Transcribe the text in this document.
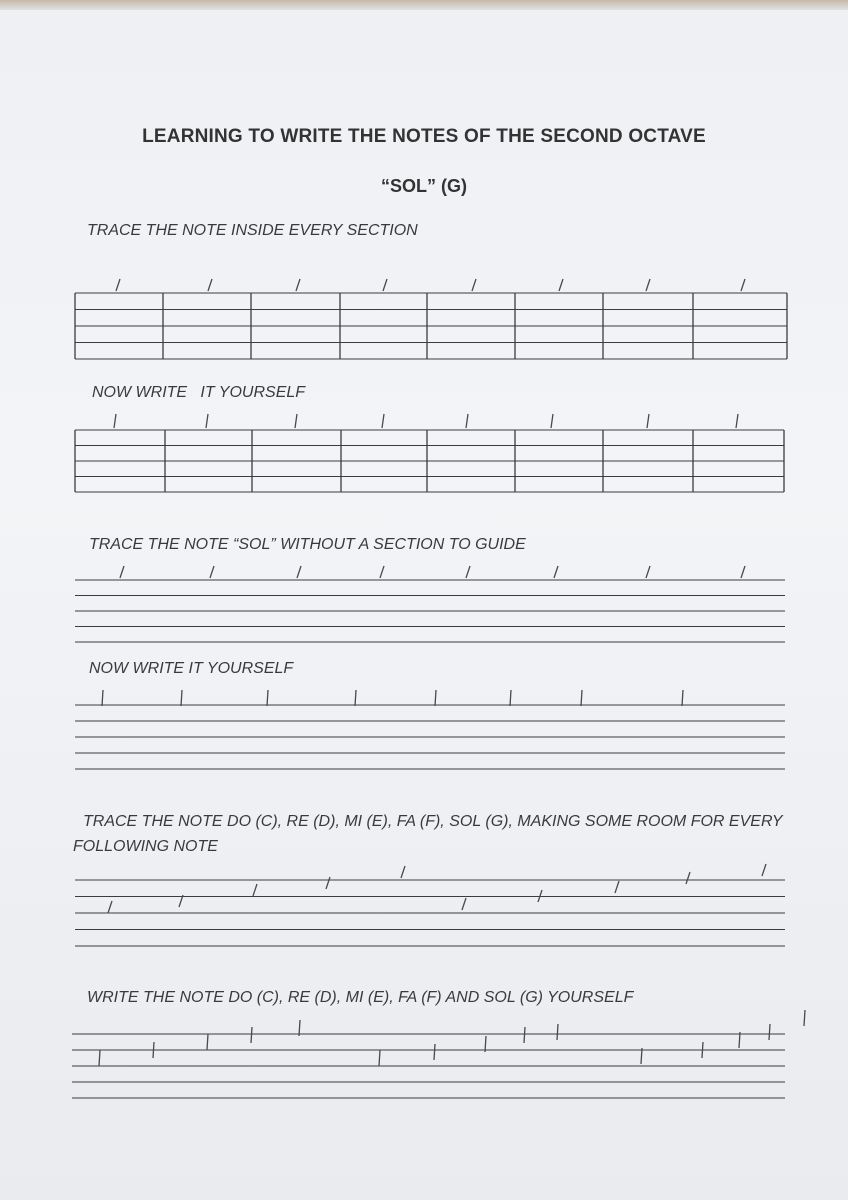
LEARNING TO WRITE THE NOTES OF THE SECOND OCTAVE
“SOL” (G)
TRACE THE NOTE INSIDE EVERY SECTION
NOW WRITE   IT YOURSELF
TRACE THE NOTE “SOL” WITHOUT A SECTION TO GUIDE
NOW WRITE IT YOURSELF
TRACE THE NOTE DO (C), RE (D), MI (E), FA (F), SOL (G), MAKING SOME ROOM FOR EVERY
FOLLOWING NOTE
WRITE THE NOTE DO (C), RE (D), MI (E), FA (F) AND SOL (G) YOURSELF
